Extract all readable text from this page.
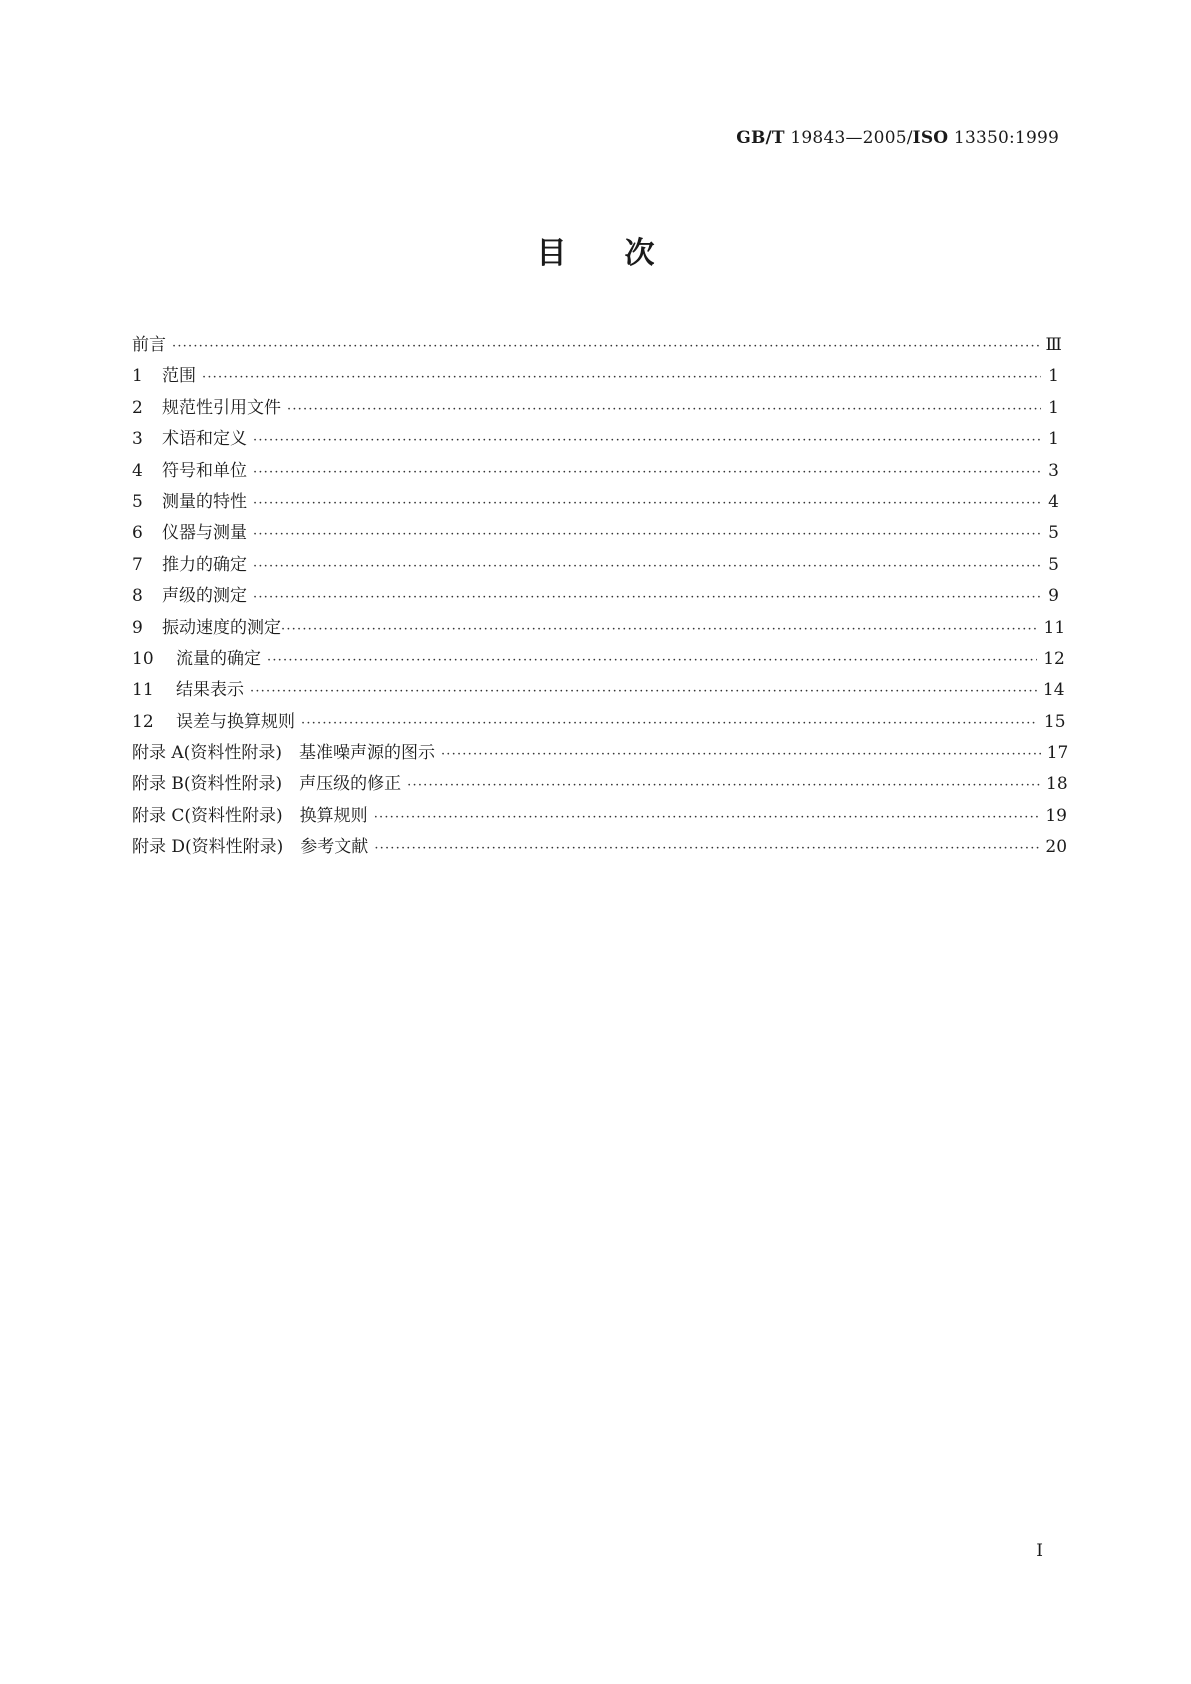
GB/T 19843—2005/ISO 13350:1999
目次
前言 ·····	Ⅲ
1	范围 ·····	1
2	规范性引用文件 ·····	1
3	术语和定义 ·····	1
4	符号和单位 ·····	3
5	测量的特性 ·····	4
6	仪器与测量 ·····	5
7	推力的确定 ·····	5
8	声级的测定 ·····	9
9	振动速度的测定 ·····	11
10	流量的确定 ·····	12
11	结果表示 ·····	14
12	误差与换算规则 ·····	15
附录 A(资料性附录)　基准噪声源的图示 ·····	17
附录 B(资料性附录)　声压级的修正 ·····	18
附录 C(资料性附录)　换算规则 ·····	19
附录 D(资料性附录)　参考文献 ·····	20
I
